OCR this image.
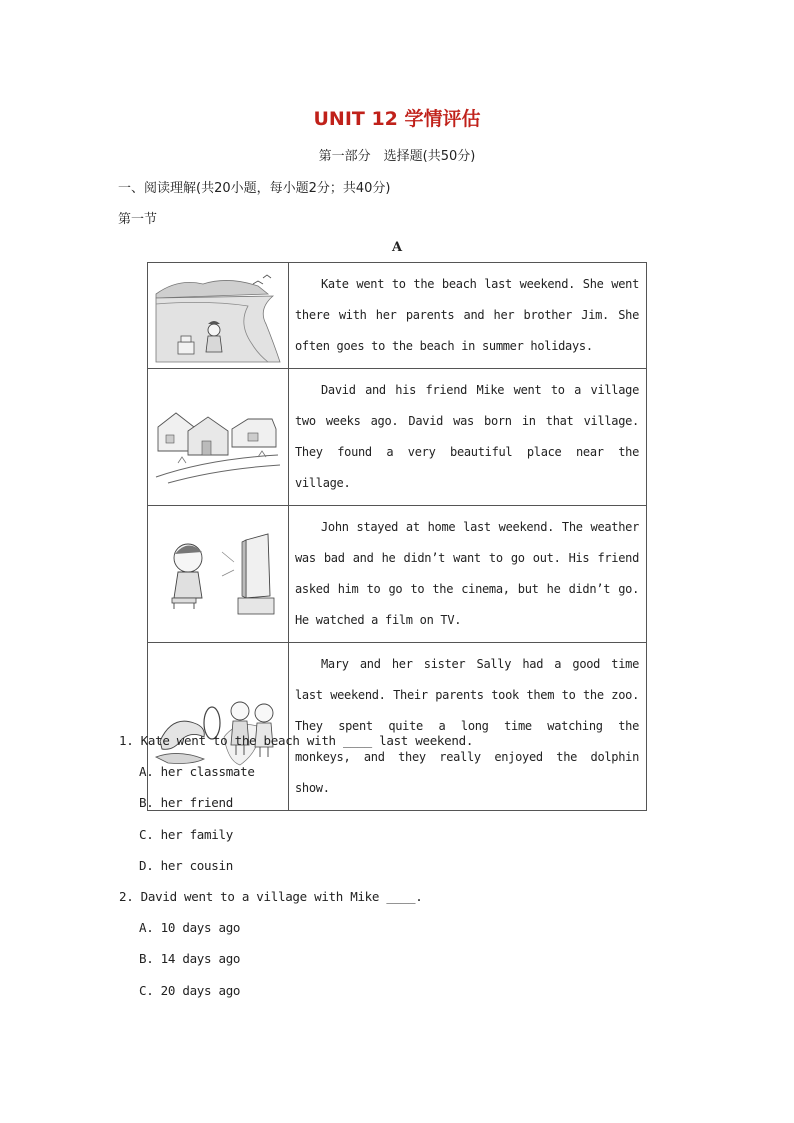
UNIT 12 学情评估
第一部分　选择题(共50分)
一、阅读理解(共20小题，每小题2分；共40分)
第一节
A
	Kate went to the beach last weekend. She went there with her parents and her brother Jim. She often goes to the beach in summer holidays.

	David and his friend Mike went to a village two weeks ago. David was born in that village. They found a very beautiful place near the village.

	John stayed at home last weekend. The weather was bad and he didn’t want to go out. His friend asked him to go to the cinema, but he didn’t go. He watched a film on TV.

	Mary and her sister Sally had a good time last weekend. Their parents took them to the zoo. They spent quite a long time watching the monkeys, and they really enjoyed the dolphin show.
1. Kate went to the beach with ____ last weekend.
A. her classmate
B. her friend
C. her family
D. her cousin
2. David went to a village with Mike ____.
A. 10 days ago
B. 14 days ago
C. 20 days ago
